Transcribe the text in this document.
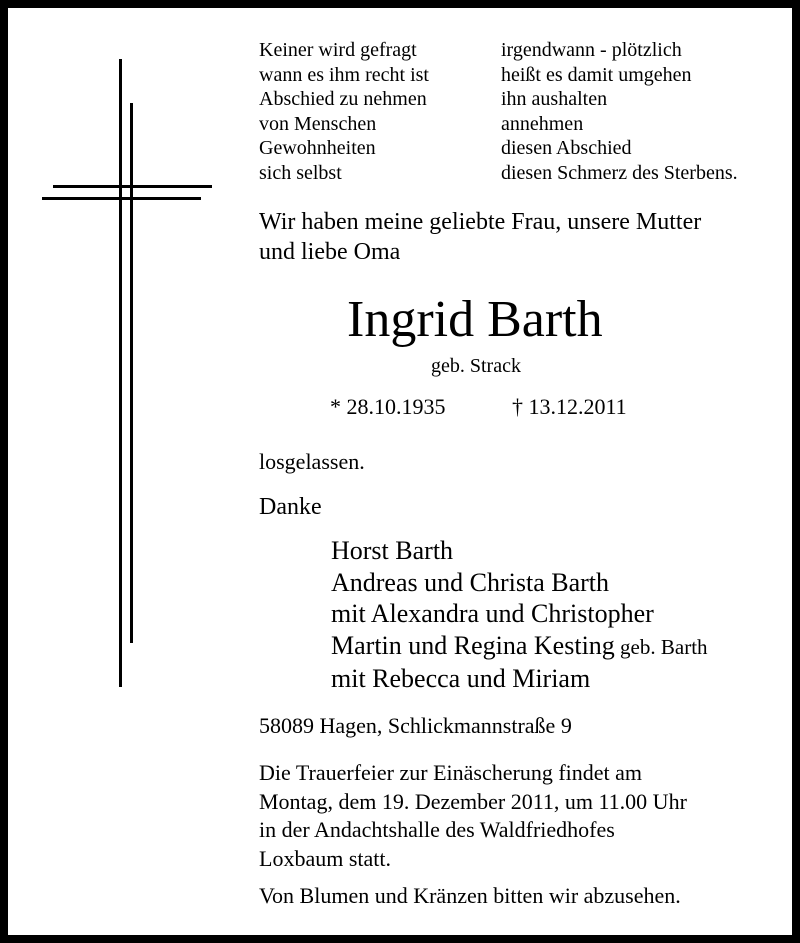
Keiner wird gefragt
wann es ihm recht ist
Abschied zu nehmen
von Menschen
Gewohnheiten
sich selbst
irgendwann - plötzlich
heißt es damit umgehen
ihn aushalten
annehmen
diesen Abschied
diesen Schmerz des Sterbens.
Wir haben meine geliebte Frau, unsere Mutter
und liebe Oma
Ingrid Barth
geb. Strack
* 28.10.1935	† 13.12.2011
losgelassen.
Danke
Horst Barth
Andreas und Christa Barth
mit Alexandra und Christopher
Martin und Regina Kesting geb. Barth
mit Rebecca und Miriam
58089 Hagen, Schlickmannstraße 9
Die Trauerfeier zur Einäscherung findet am
Montag, dem 19. Dezember 2011, um 11.00 Uhr
in der Andachtshalle des Waldfriedhofes
Loxbaum statt.
Von Blumen und Kränzen bitten wir abzusehen.
